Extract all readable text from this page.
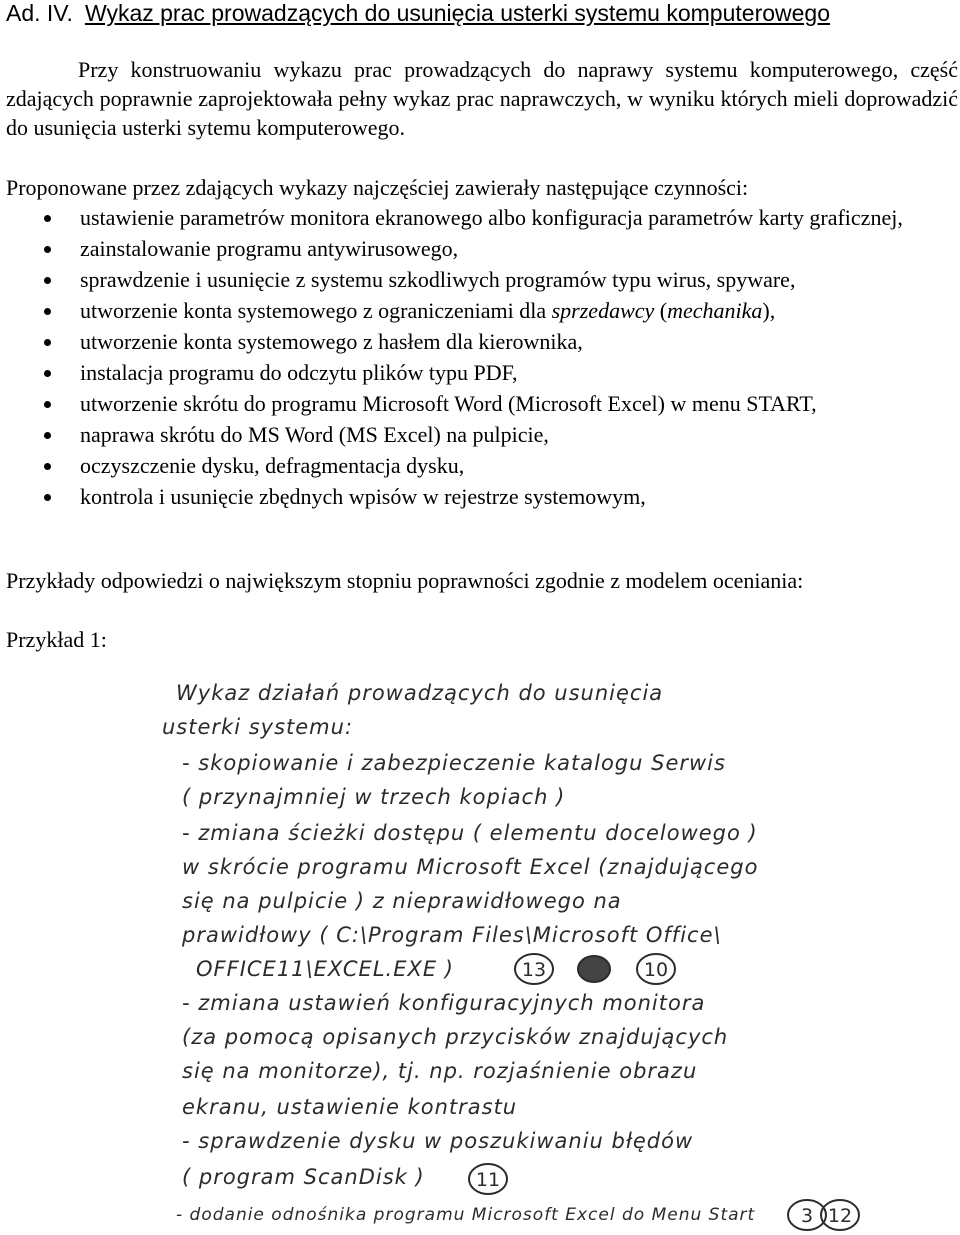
Ad. IV. Wykaz prac prowadzących do usunięcia usterki systemu komputerowego

Przy konstruowaniu wykazu prac prowadzących do naprawy systemu komputerowego, część zdających poprawnie zaprojektowała pełny wykaz prac naprawczych, w wyniku których mieli doprowadzić do usunięcia usterki sytemu komputerowego.

Proponowane przez zdających wykazy najczęściej zawierały następujące czynności:

ustawienie parametrów monitora ekranowego albo konfiguracja parametrów karty graficznej,
zainstalowanie programu antywirusowego,
sprawdzenie i usunięcie z systemu szkodliwych programów typu wirus, spyware,
utworzenie konta systemowego z ograniczeniami dla sprzedawcy (mechanika),
utworzenie konta systemowego z hasłem dla kierownika,
instalacja programu do odczytu plików typu PDF,
utworzenie skrótu do programu Microsoft Word (Microsoft Excel) w menu START,
naprawa skrótu do MS Word (MS Excel) na pulpicie,
oczyszczenie dysku, defragmentacja dysku,
kontrola i usunięcie zbędnych wpisów w rejestrze systemowym,

Przykłady odpowiedzi o największym stopniu poprawności zgodnie z modelem oceniania:

Przykład 1:

Wykaz działań prowadzących do usunięcia
usterki systemu:
- skopiowanie i zabezpieczenie katalogu Serwis
( przynajmniej w trzech kopiach )
- zmiana ścieżki dostępu ( elementu docelowego )
w skrócie programu Microsoft Excel (znajdującego
się na pulpicie ) z nieprawidłowego na
prawidłowy ( C:\Program Files\Microsoft Office\
OFFICE11\EXCEL.EXE )
- zmiana ustawień konfiguracyjnych monitora
(za pomocą opisanych przycisków znajdujących
się na monitorze), tj. np. rozjaśnienie obrazu
ekranu, ustawienie kontrastu
- sprawdzenie dysku w poszukiwaniu błędów
( program ScanDisk )
- dodanie odnośnika programu Microsoft Excel do Menu Start
13	10
11
3 12
